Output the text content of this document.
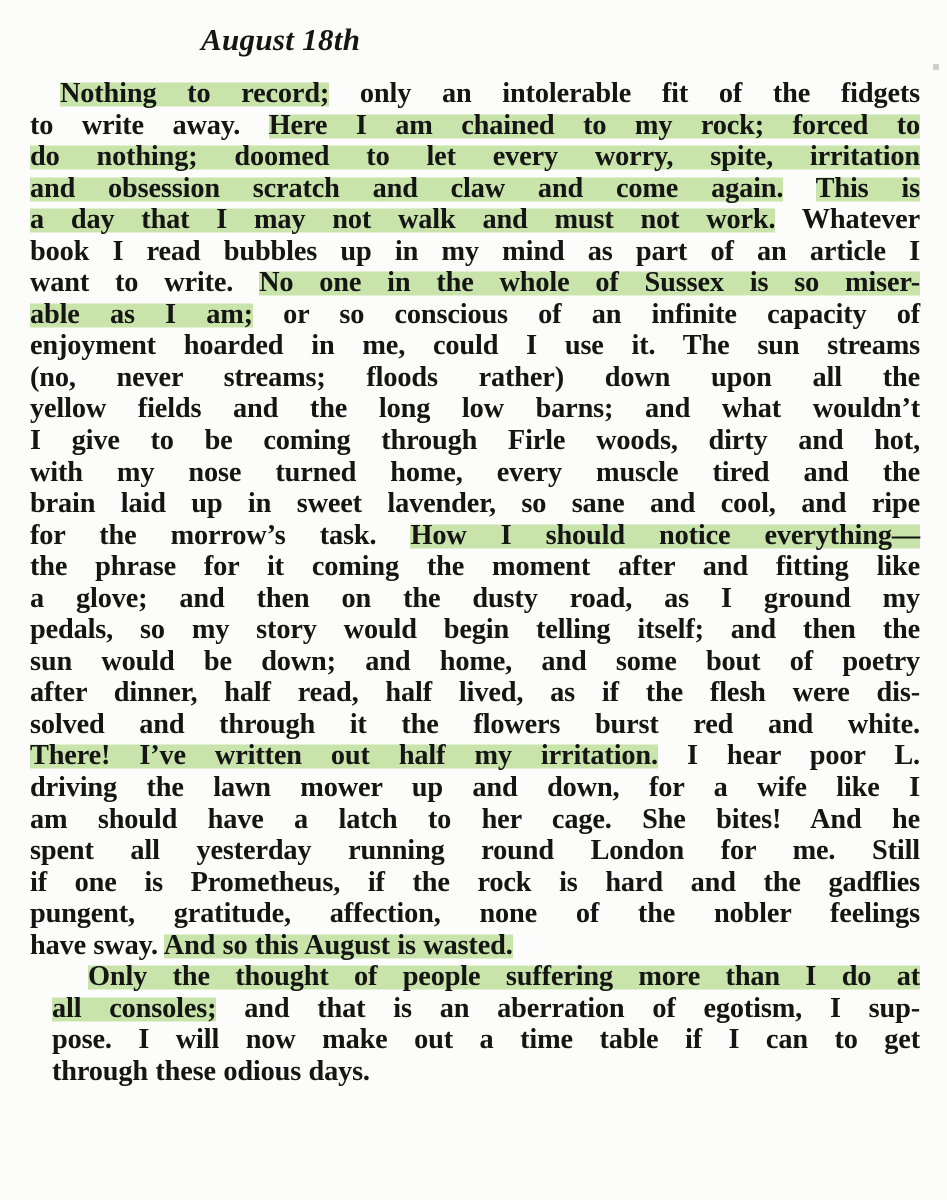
August 18th

Nothing to record; only an intolerable fit of the fidgets
to write away. Here I am chained to my rock; forced to
do nothing; doomed to let every worry, spite, irritation
and obsession scratch and claw and come again. This is
a day that I may not walk and must not work. Whatever
book I read bubbles up in my mind as part of an article I
want to write. No one in the whole of Sussex is so miser-
able as I am; or so conscious of an infinite capacity of
enjoyment hoarded in me, could I use it. The sun streams
(no, never streams; floods rather) down upon all the
yellow fields and the long low barns; and what wouldn’t
I give to be coming through Firle woods, dirty and hot,
with my nose turned home, every muscle tired and the
brain laid up in sweet lavender, so sane and cool, and ripe
for the morrow’s task. How I should notice everything—
the phrase for it coming the moment after and fitting like
a glove; and then on the dusty road, as I ground my
pedals, so my story would begin telling itself; and then the
sun would be down; and home, and some bout of poetry
after dinner, half read, half lived, as if the flesh were dis-
solved and through it the flowers burst red and white.
There! I’ve written out half my irritation. I hear poor L.
driving the lawn mower up and down, for a wife like I
am should have a latch to her cage. She bites! And he
spent all yesterday running round London for me. Still
if one is Prometheus, if the rock is hard and the gadflies
pungent, gratitude, affection, none of the nobler feelings
have sway. And so this August is wasted.

Only the thought of people suffering more than I do at
all consoles; and that is an aberration of egotism, I sup-
pose. I will now make out a time table if I can to get
through these odious days.
